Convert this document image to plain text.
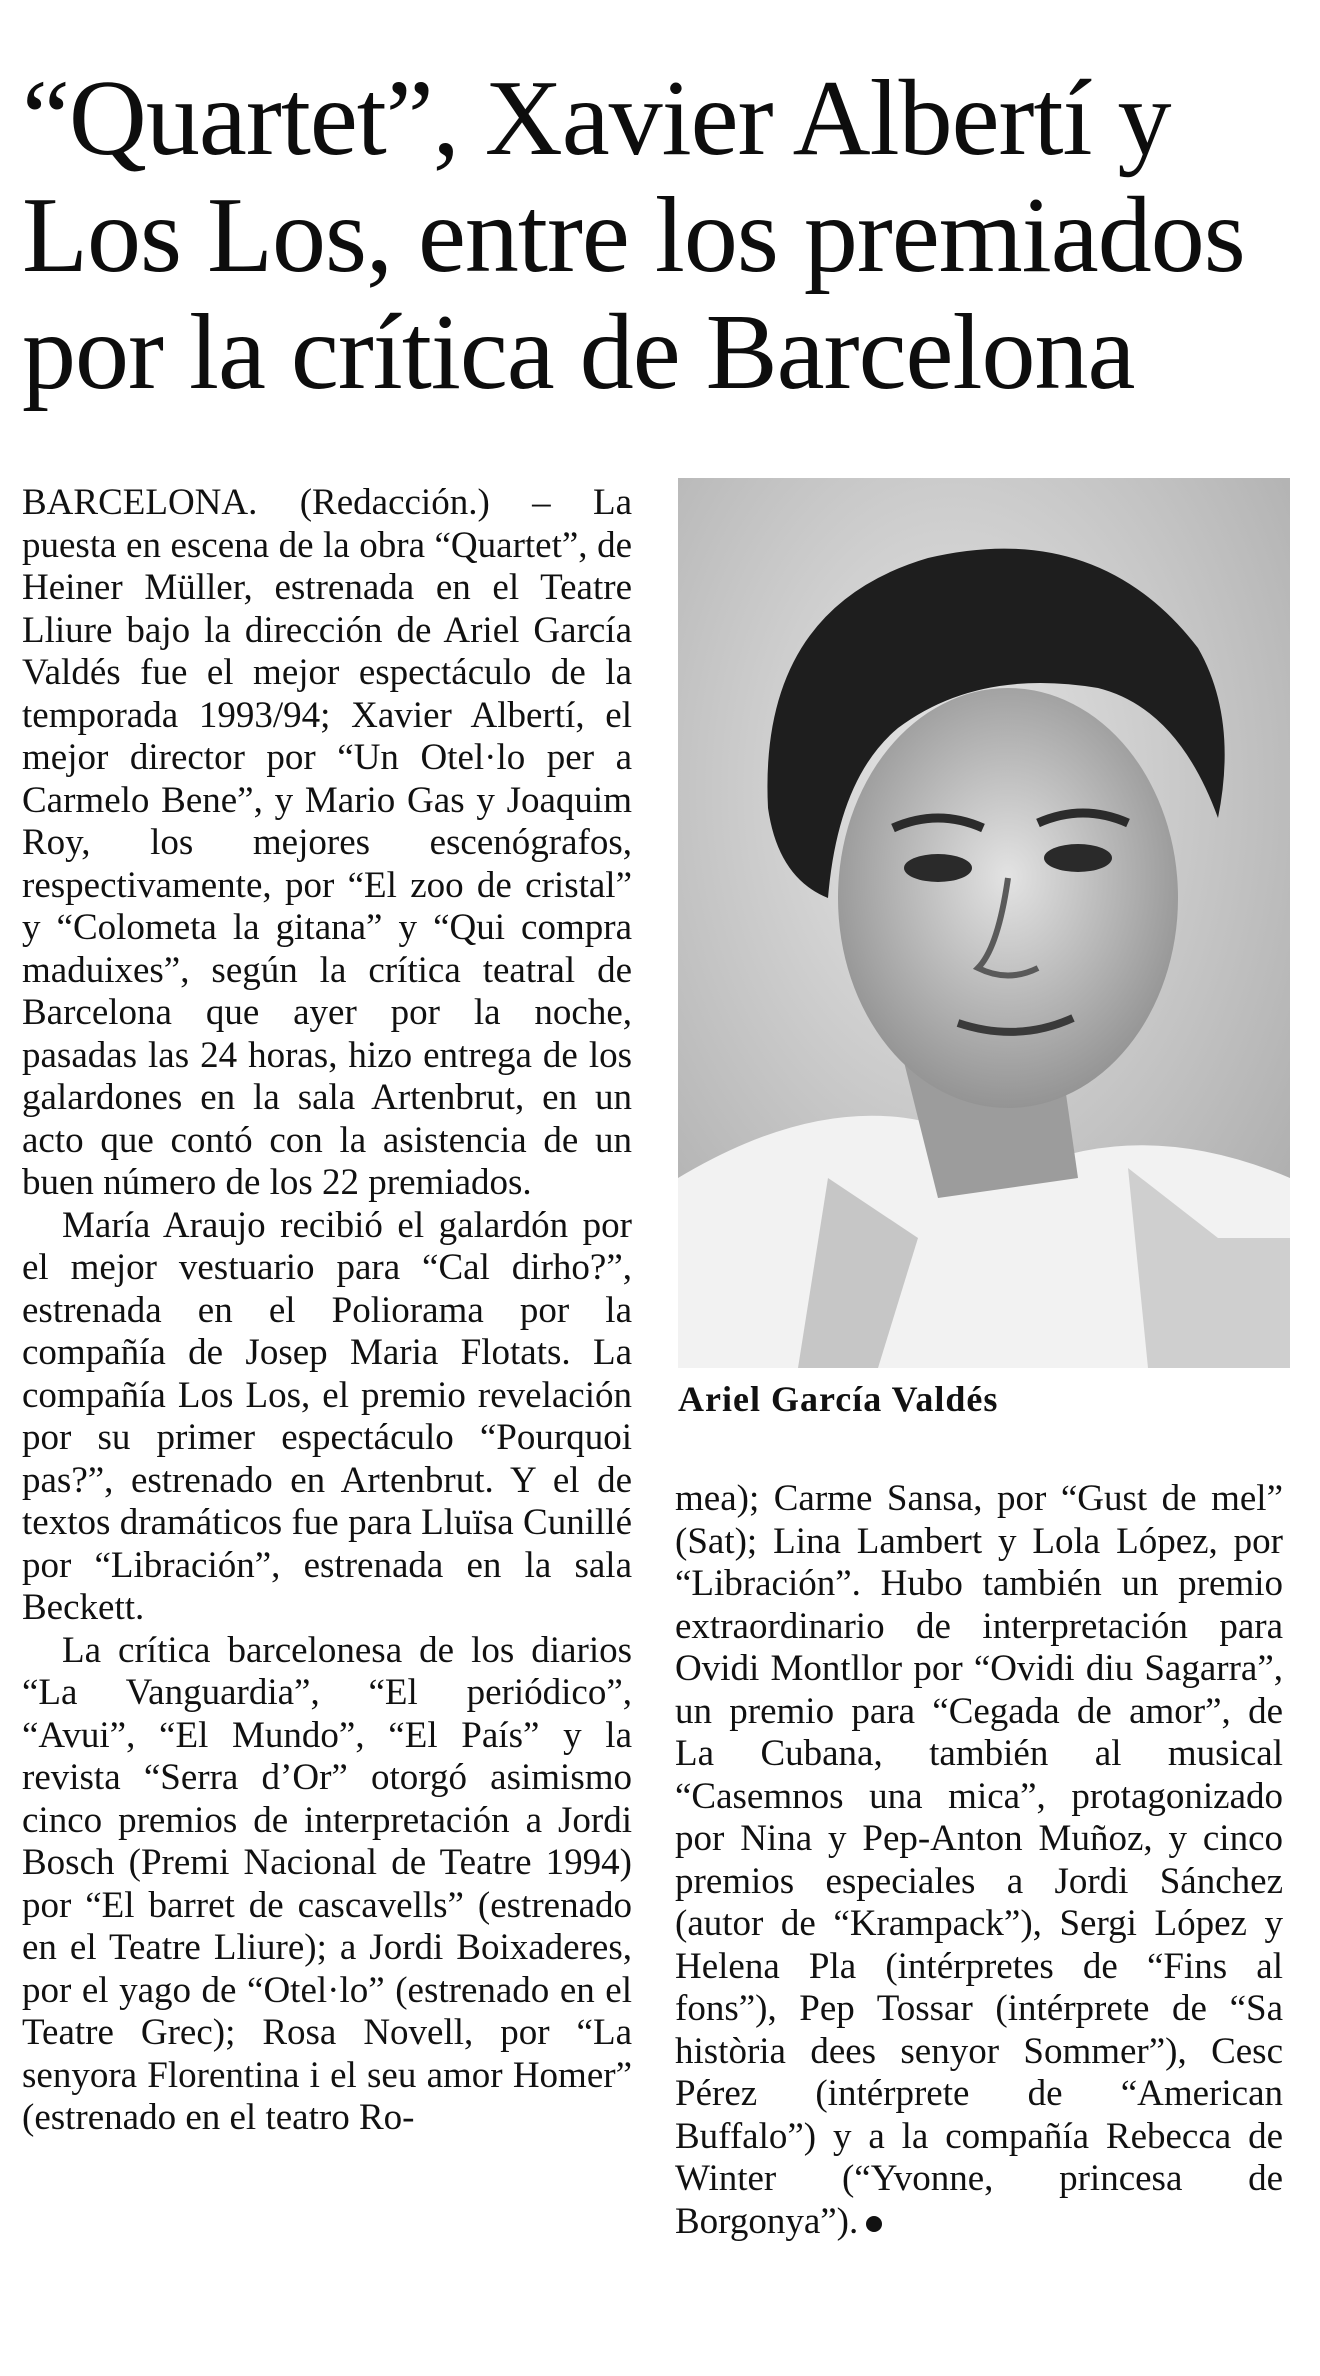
“Quartet”, Xavier Albertí y
Los Los, entre los premiados
por la crítica de Barcelona

BARCELONA. (Redacción.) – La puesta en escena de la obra “Quartet”, de Heiner Müller, estrenada en el Teatre Lliure bajo la dirección de Ariel García Valdés fue el mejor espectáculo de la temporada 1993/94; Xavier Albertí, el mejor director por “Un Otel·lo per a Carmelo Bene”, y Mario Gas y Joaquim Roy, los mejores escenógrafos, respectivamente, por “El zoo de cristal” y “Colometa la gitana” y “Qui compra maduixes”, según la crítica teatral de Barcelona que ayer por la noche, pasadas las 24 horas, hizo entrega de los galardones en la sala Artenbrut, en un acto que contó con la asistencia de un buen número de los 22 premiados.

María Araujo recibió el galardón por el mejor vestuario para “Cal dirho?”, estrenada en el Poliorama por la compañía de Josep Maria Flotats. La compañía Los Los, el premio revelación por su primer espectáculo “Pourquoi pas?”, estrenado en Artenbrut. Y el de textos dramáticos fue para Lluïsa Cunillé por “Libración”, estrenada en la sala Beckett.

La crítica barcelonesa de los diarios “La Vanguardia”, “El periódico”, “Avui”, “El Mundo”, “El País” y la revista “Serra d’Or” otorgó asimismo cinco premios de interpretación a Jordi Bosch (Premi Nacional de Teatre 1994) por “El barret de cascavells” (estrenado en el Teatre Lliure); a Jordi Boixaderes, por el yago de “Otel·lo” (estrenado en el Teatre Grec); Rosa Novell, por “La senyora Florentina i el seu amor Homer” (estrenado en el teatro Ro-

Ariel García Valdés

mea); Carme Sansa, por “Gust de mel” (Sat); Lina Lambert y Lola López, por “Libración”. Hubo también un premio extraordinario de interpretación para Ovidi Montllor por “Ovidi diu Sagarra”, un premio para “Cegada de amor”, de La Cubana, también al musical “Casemnos una mica”, protagonizado por Nina y Pep-Anton Muñoz, y cinco premios especiales a Jordi Sánchez (autor de “Krampack”), Sergi López y Helena Pla (intérpretes de “Fins al fons”), Pep Tossar (intérprete de “Sa història dees senyor Sommer”), Cesc Pérez (intérprete de “American Buffalo”) y a la compañía Rebecca de Winter (“Yvonne, princesa de Borgonya”).
